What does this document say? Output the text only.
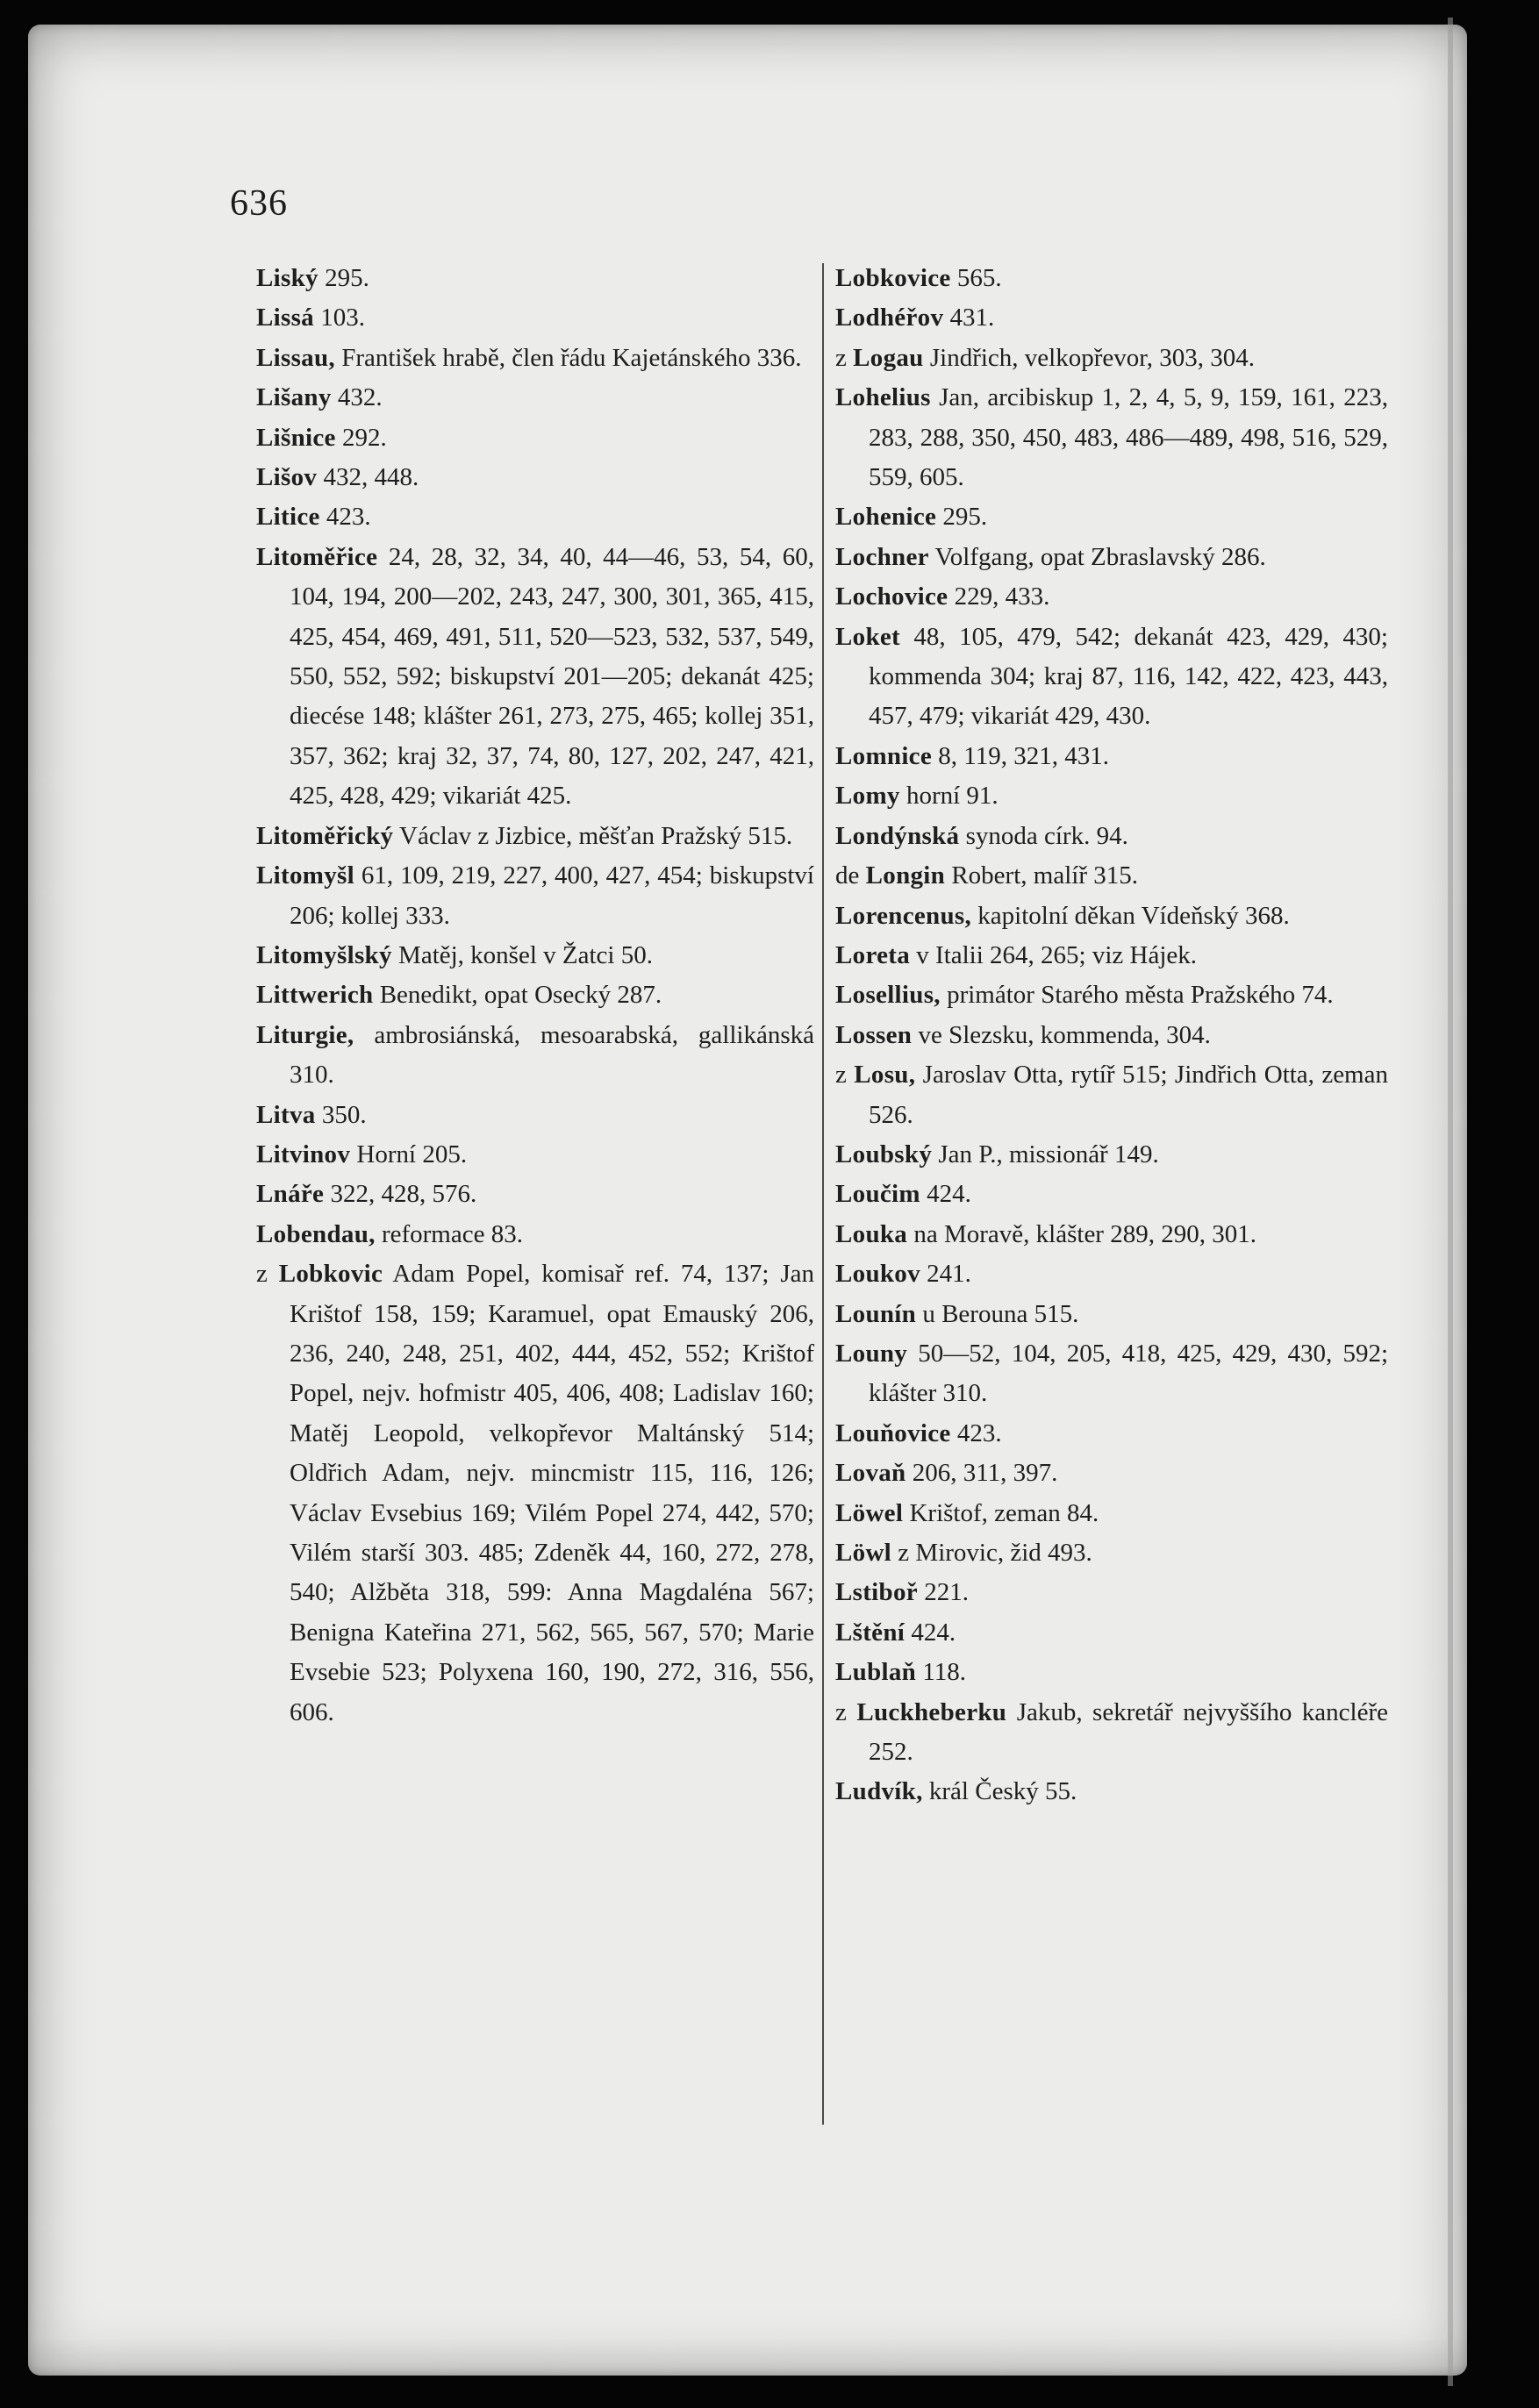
636

Liský 295.

Lissá 103.

Lissau, František hrabě, člen řádu Kajetánského 336.

Lišany 432.

Lišnice 292.

Lišov 432, 448.

Litice 423.

Litoměřice 24, 28, 32, 34, 40, 44—46, 53, 54, 60, 104, 194, 200—202, 243, 247, 300, 301, 365, 415, 425, 454, 469, 491, 511, 520—523, 532, 537, 549, 550, 552, 592; biskupství 201—205; dekanát 425; diecése 148; klášter 261, 273, 275, 465; kollej 351, 357, 362; kraj 32, 37, 74, 80, 127, 202, 247, 421, 425, 428, 429; vikariát 425.

Litoměřický Václav z Jizbice, měšťan Pražský 515.

Litomyšl 61, 109, 219, 227, 400, 427, 454; biskupství 206; kollej 333.

Litomyšlský Matěj, konšel v Žatci 50.

Littwerich Benedikt, opat Osecký 287.

Liturgie, ambrosiánská, mesoarabská, gallikánská 310.

Litva 350.

Litvinov Horní 205.

Lnáře 322, 428, 576.

Lobendau, reformace 83.

z Lobkovic Adam Popel, komisař ref. 74, 137; Jan Krištof 158, 159; Karamuel, opat Emauský 206, 236, 240, 248, 251, 402, 444, 452, 552; Krištof Popel, nejv. hofmistr 405, 406, 408; Ladislav 160; Matěj Leopold, velkopřevor Maltánský 514; Oldřich Adam, nejv. mincmistr 115, 116, 126; Václav Evsebius 169; Vilém Popel 274, 442, 570; Vilém starší 303. 485; Zdeněk 44, 160, 272, 278, 540; Alžběta 318, 599: Anna Magdaléna 567; Benigna Kateřina 271, 562, 565, 567, 570; Marie Evsebie 523; Polyxena 160, 190, 272, 316, 556, 606.

Lobkovice 565.

Lodhéřov 431.

z Logau Jindřich, velkopřevor, 303, 304.

Lohelius Jan, arcibiskup 1, 2, 4, 5, 9, 159, 161, 223, 283, 288, 350, 450, 483, 486—489, 498, 516, 529, 559, 605.

Lohenice 295.

Lochner Volfgang, opat Zbraslavský 286.

Lochovice 229, 433.

Loket 48, 105, 479, 542; dekanát 423, 429, 430; kommenda 304; kraj 87, 116, 142, 422, 423, 443, 457, 479; vikariát 429, 430.

Lomnice 8, 119, 321, 431.

Lomy horní 91.

Londýnská synoda círk. 94.

de Longin Robert, malíř 315.

Lorencenus, kapitolní děkan Vídeňský 368.

Loreta v Italii 264, 265; viz Hájek.

Losellius, primátor Starého města Pražského 74.

Lossen ve Slezsku, kommenda, 304.

z Losu, Jaroslav Otta, rytíř 515; Jindřich Otta, zeman 526.

Loubský Jan P., missionář 149.

Loučim 424.

Louka na Moravě, klášter 289, 290, 301.

Loukov 241.

Lounín u Berouna 515.

Louny 50—52, 104, 205, 418, 425, 429, 430, 592; klášter 310.

Louňovice 423.

Lovaň 206, 311, 397.

Löwel Krištof, zeman 84.

Löwl z Mirovic, žid 493.

Lstiboř 221.

Lštění 424.

Lublaň 118.

z Luckheberku Jakub, sekretář nejvyššího kancléře 252.

Ludvík, král Český 55.
